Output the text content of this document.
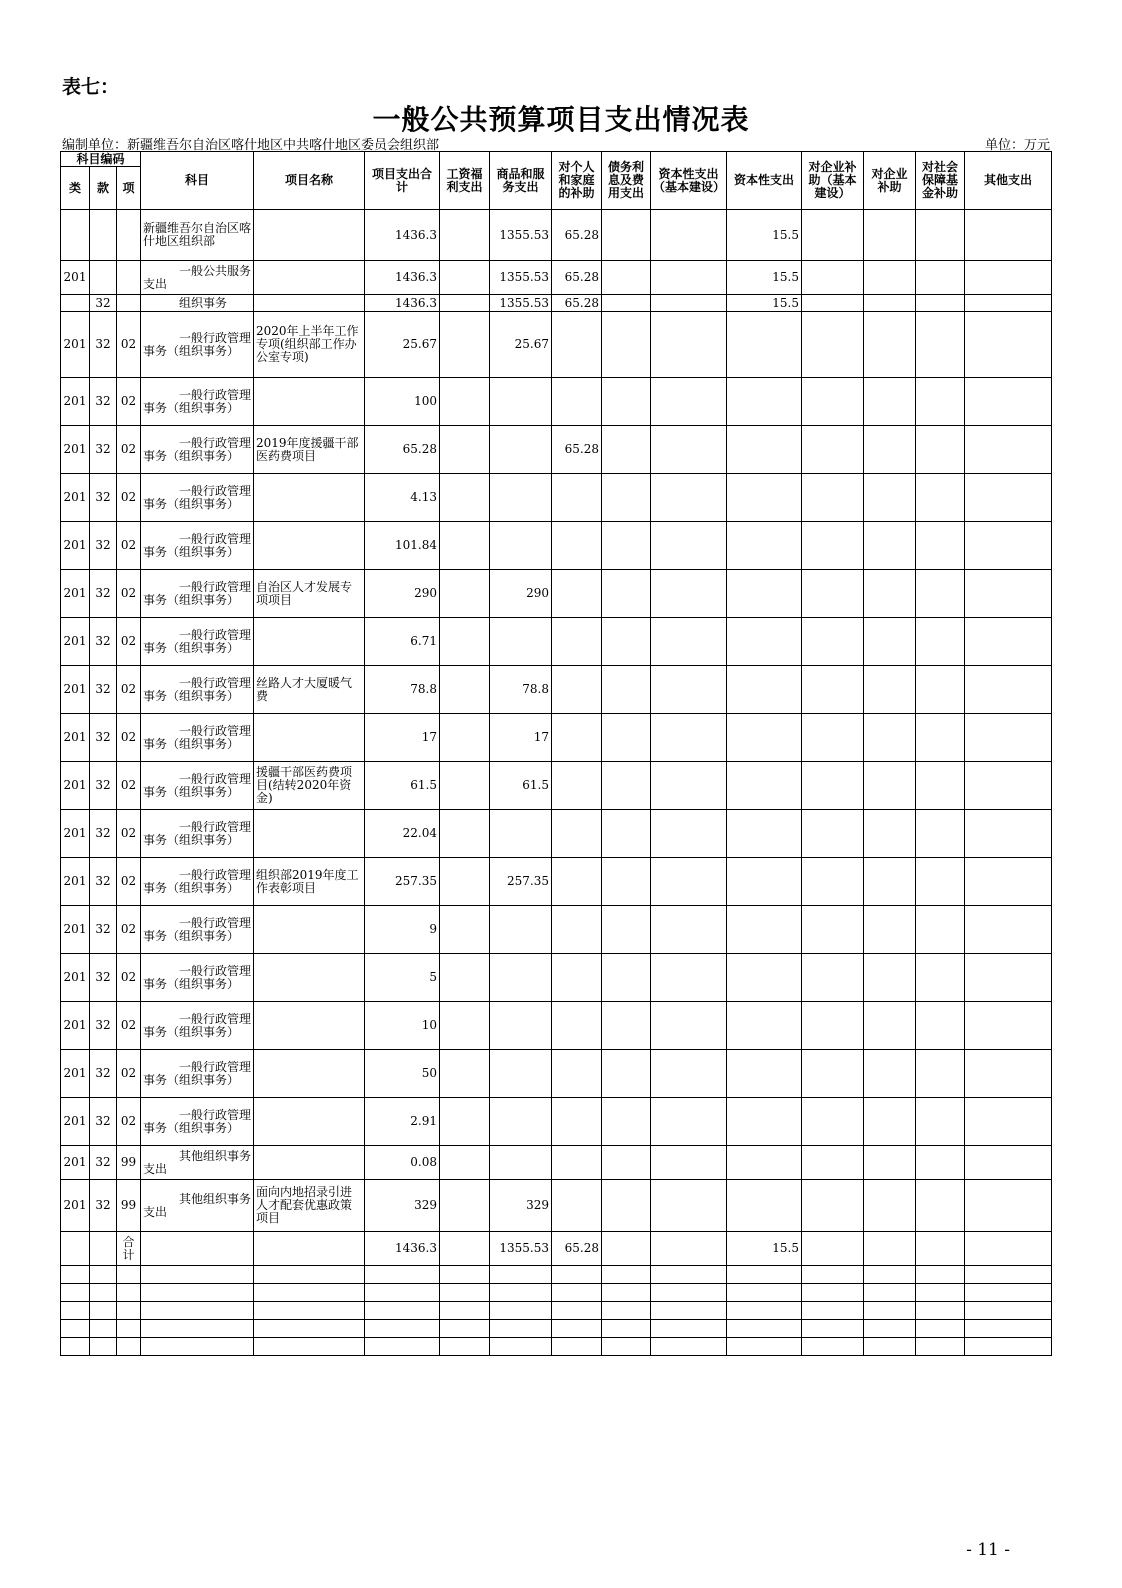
表七：
一般公共预算项目支出情况表
编制单位：新疆维吾尔自治区喀什地区中共喀什地区委员会组织部	单位：万元
科目编码			科目	项目名称	项目支出合计	工资福利支出	商品和服务支出	对个人和家庭的补助	债务利息及费用支出	资本性支出（基本建设）	资本性支出	对企业补助（基本建设）	对企业补助	对社会保障基金补助	其他支出
类	款	项													
			新疆维吾尔自治区喀什地区组织部		1436.3		1355.53	65.28			15.5				
201			一般公共服务支出		1436.3		1355.53	65.28			15.5				
	32		组织事务		1436.3		1355.53	65.28			15.5				
201	32	02	一般行政管理事务（组织事务）	2020年上半年工作专项(组织部工作办公室专项)	25.67		25.67								
201	32	02	一般行政管理事务（组织事务）		100										
201	32	02	一般行政管理事务（组织事务）	2019年度援疆干部医药费项目	65.28			65.28							
201	32	02	一般行政管理事务（组织事务）		4.13										
201	32	02	一般行政管理事务（组织事务）		101.84										
201	32	02	一般行政管理事务（组织事务）	自治区人才发展专项项目	290		290								
201	32	02	一般行政管理事务（组织事务）		6.71										
201	32	02	一般行政管理事务（组织事务）	丝路人才大厦暖气费	78.8		78.8								
201	32	02	一般行政管理事务（组织事务）		17		17								
201	32	02	一般行政管理事务（组织事务）	援疆干部医药费项目(结转2020年资金)	61.5		61.5								
201	32	02	一般行政管理事务（组织事务）		22.04										
201	32	02	一般行政管理事务（组织事务）	组织部2019年度工作表彰项目	257.35		257.35								
201	32	02	一般行政管理事务（组织事务）		9										
201	32	02	一般行政管理事务（组织事务）		5										
201	32	02	一般行政管理事务（组织事务）		10										
201	32	02	一般行政管理事务（组织事务）		50										
201	32	02	一般行政管理事务（组织事务）		2.91										
201	32	99	其他组织事务支出		0.08										
201	32	99	其他组织事务支出	面向内地招录引进人才配套优惠政策项目	329		329								
		合计			1436.3		1355.53	65.28			15.5				

- 11 -
